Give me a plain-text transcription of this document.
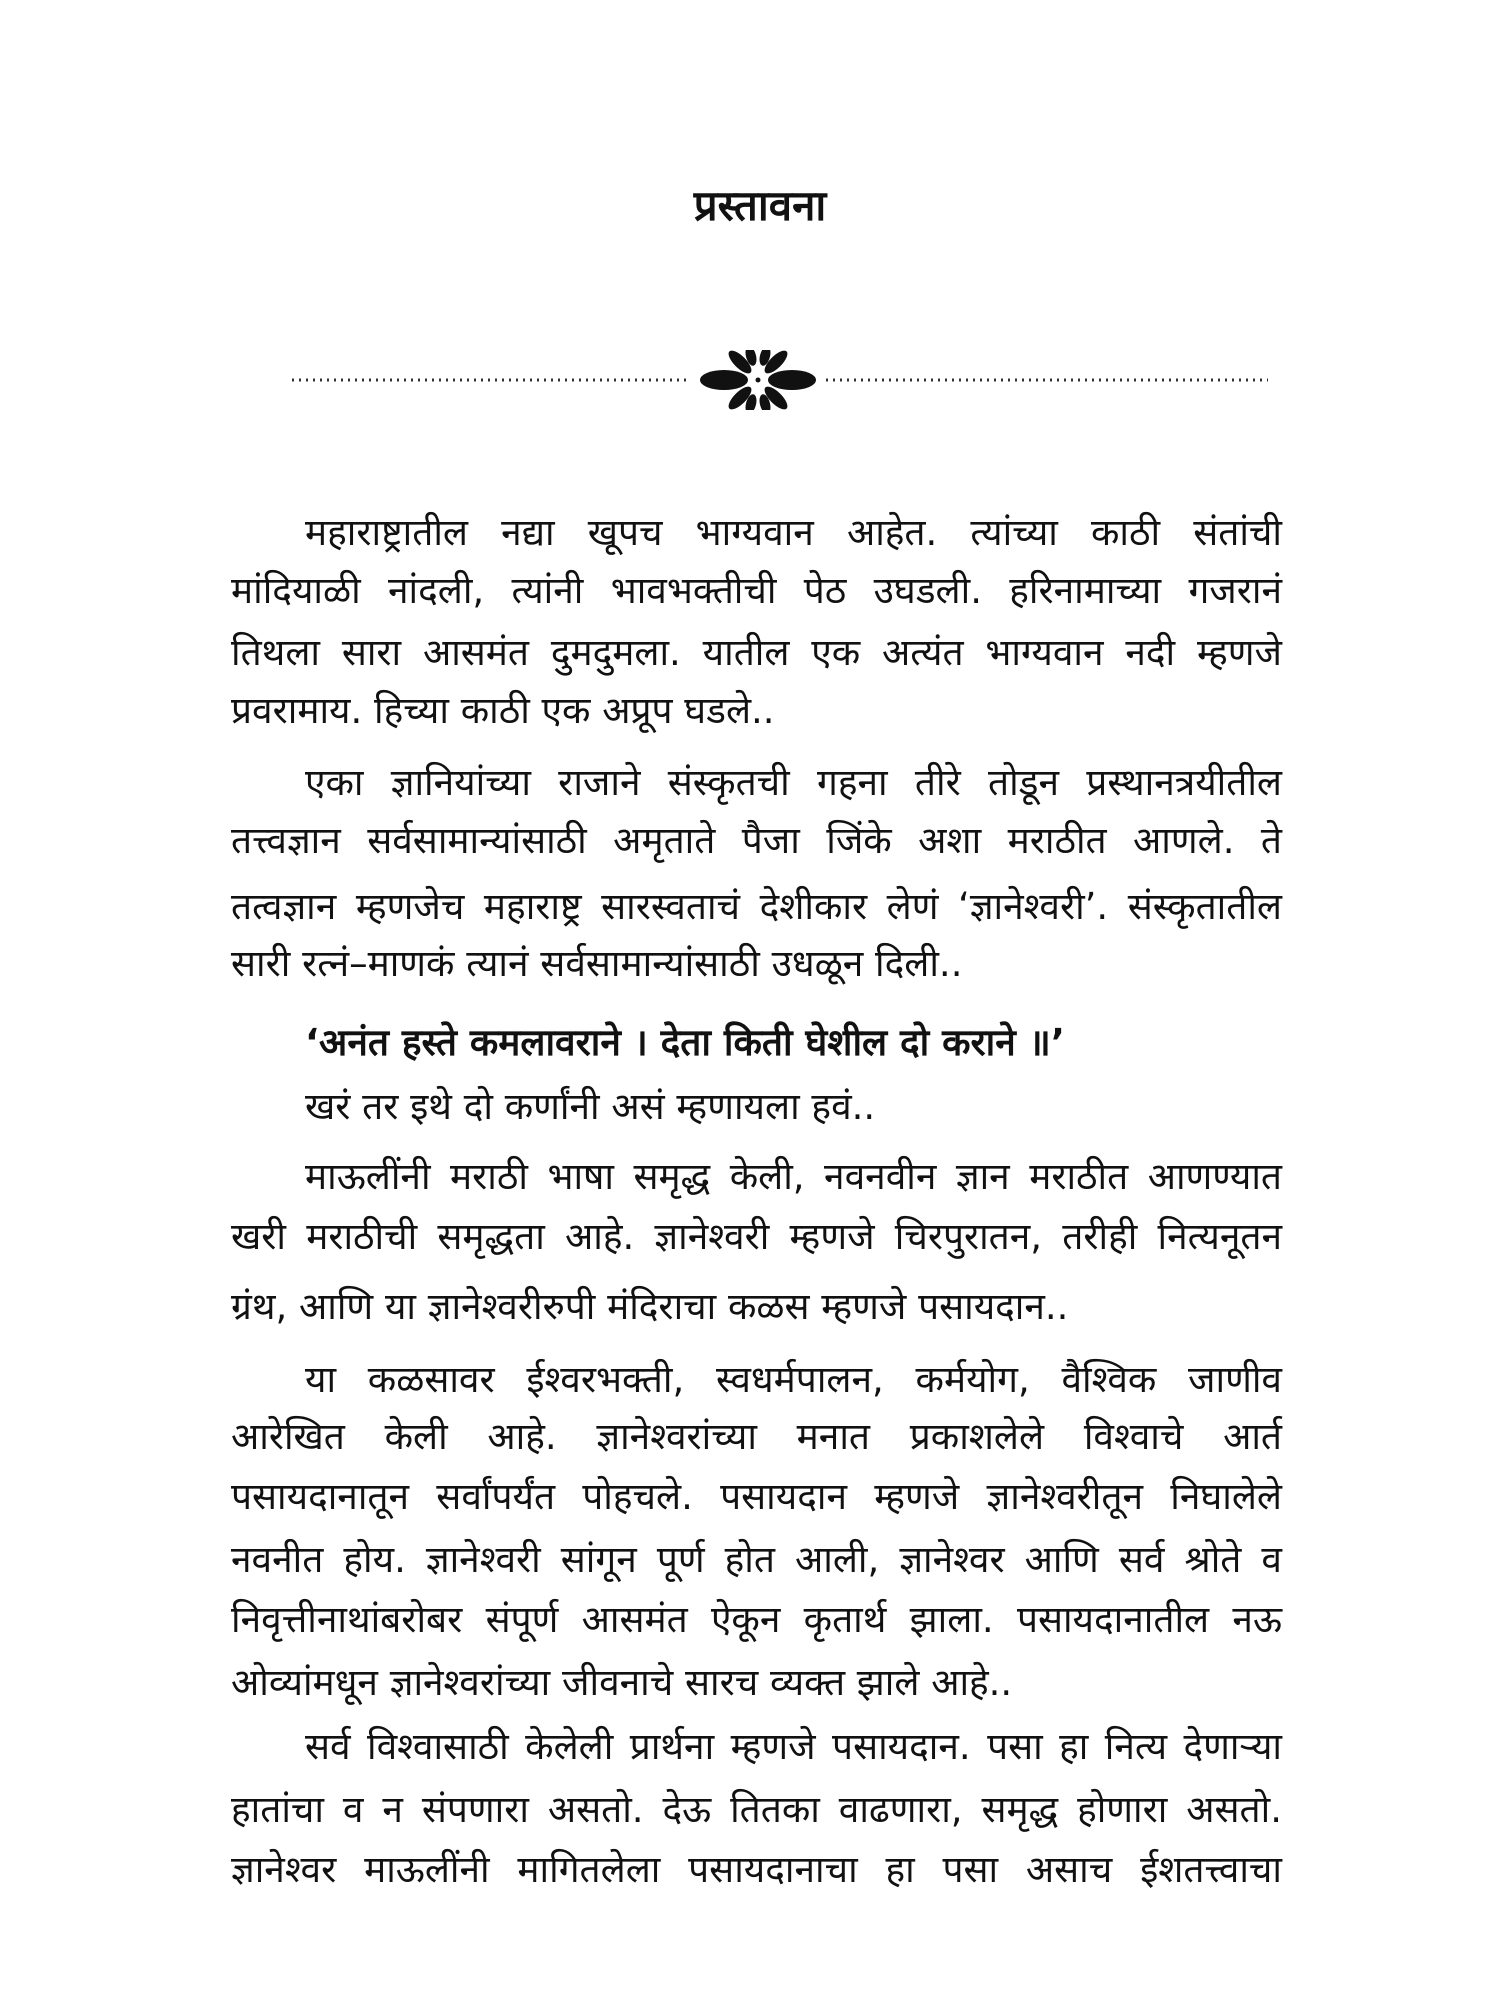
प्रस्तावना
महाराष्ट्रातील नद्या खूपच भाग्यवान आहेत. त्यांच्या काठी संतांची
मांदियाळी नांदली, त्यांनी भावभक्तीची पेठ उघडली. हरिनामाच्या गजरानं
तिथला सारा आसमंत दुमदुमला. यातील एक अत्यंत भाग्यवान नदी म्हणजे
प्रवरामाय. हिच्या काठी एक अप्रूप घडले..
एका ज्ञानियांच्या राजाने संस्कृतची गहना तीरे तोडून प्रस्थानत्रयीतील
तत्त्वज्ञान सर्वसामान्यांसाठी अमृताते पैजा जिंके अशा मराठीत आणले. ते
तत्वज्ञान म्हणजेच महाराष्ट्र सारस्वताचं देशीकार लेणं ‘ज्ञानेश्वरी’. संस्कृतातील
सारी रत्नं–माणकं त्यानं सर्वसामान्यांसाठी उधळून दिली..
‘अनंत हस्ते कमलावराने । देता किती घेशील दो कराने ॥’
खरं तर इथे दो कर्णांनी असं म्हणायला हवं..
माऊलींनी मराठी भाषा समृद्ध केली, नवनवीन ज्ञान मराठीत आणण्यात
खरी मराठीची समृद्धता आहे. ज्ञानेश्वरी म्हणजे चिरपुरातन, तरीही नित्यनूतन
ग्रंथ, आणि या ज्ञानेश्वरीरुपी मंदिराचा कळस म्हणजे पसायदान..
या कळसावर ईश्वरभक्ती, स्वधर्मपालन, कर्मयोग, वैश्विक जाणीव
आरेखित केली आहे. ज्ञानेश्वरांच्या मनात प्रकाशलेले विश्वाचे आर्त
पसायदानातून सर्वांपर्यंत पोहचले. पसायदान म्हणजे ज्ञानेश्वरीतून निघालेले
नवनीत होय. ज्ञानेश्वरी सांगून पूर्ण होत आली, ज्ञानेश्वर आणि सर्व श्रोते व
निवृत्तीनाथांबरोबर संपूर्ण आसमंत ऐकून कृतार्थ झाला. पसायदानातील नऊ
ओव्यांमधून ज्ञानेश्वरांच्या जीवनाचे सारच व्यक्त झाले आहे..
सर्व विश्वासाठी केलेली प्रार्थना म्हणजे पसायदान. पसा हा नित्य देणाऱ्या
हातांचा व न संपणारा असतो. देऊ तितका वाढणारा, समृद्ध होणारा असतो.
ज्ञानेश्वर माऊलींनी मागितलेला पसायदानाचा हा पसा असाच ईशतत्त्वाचा
